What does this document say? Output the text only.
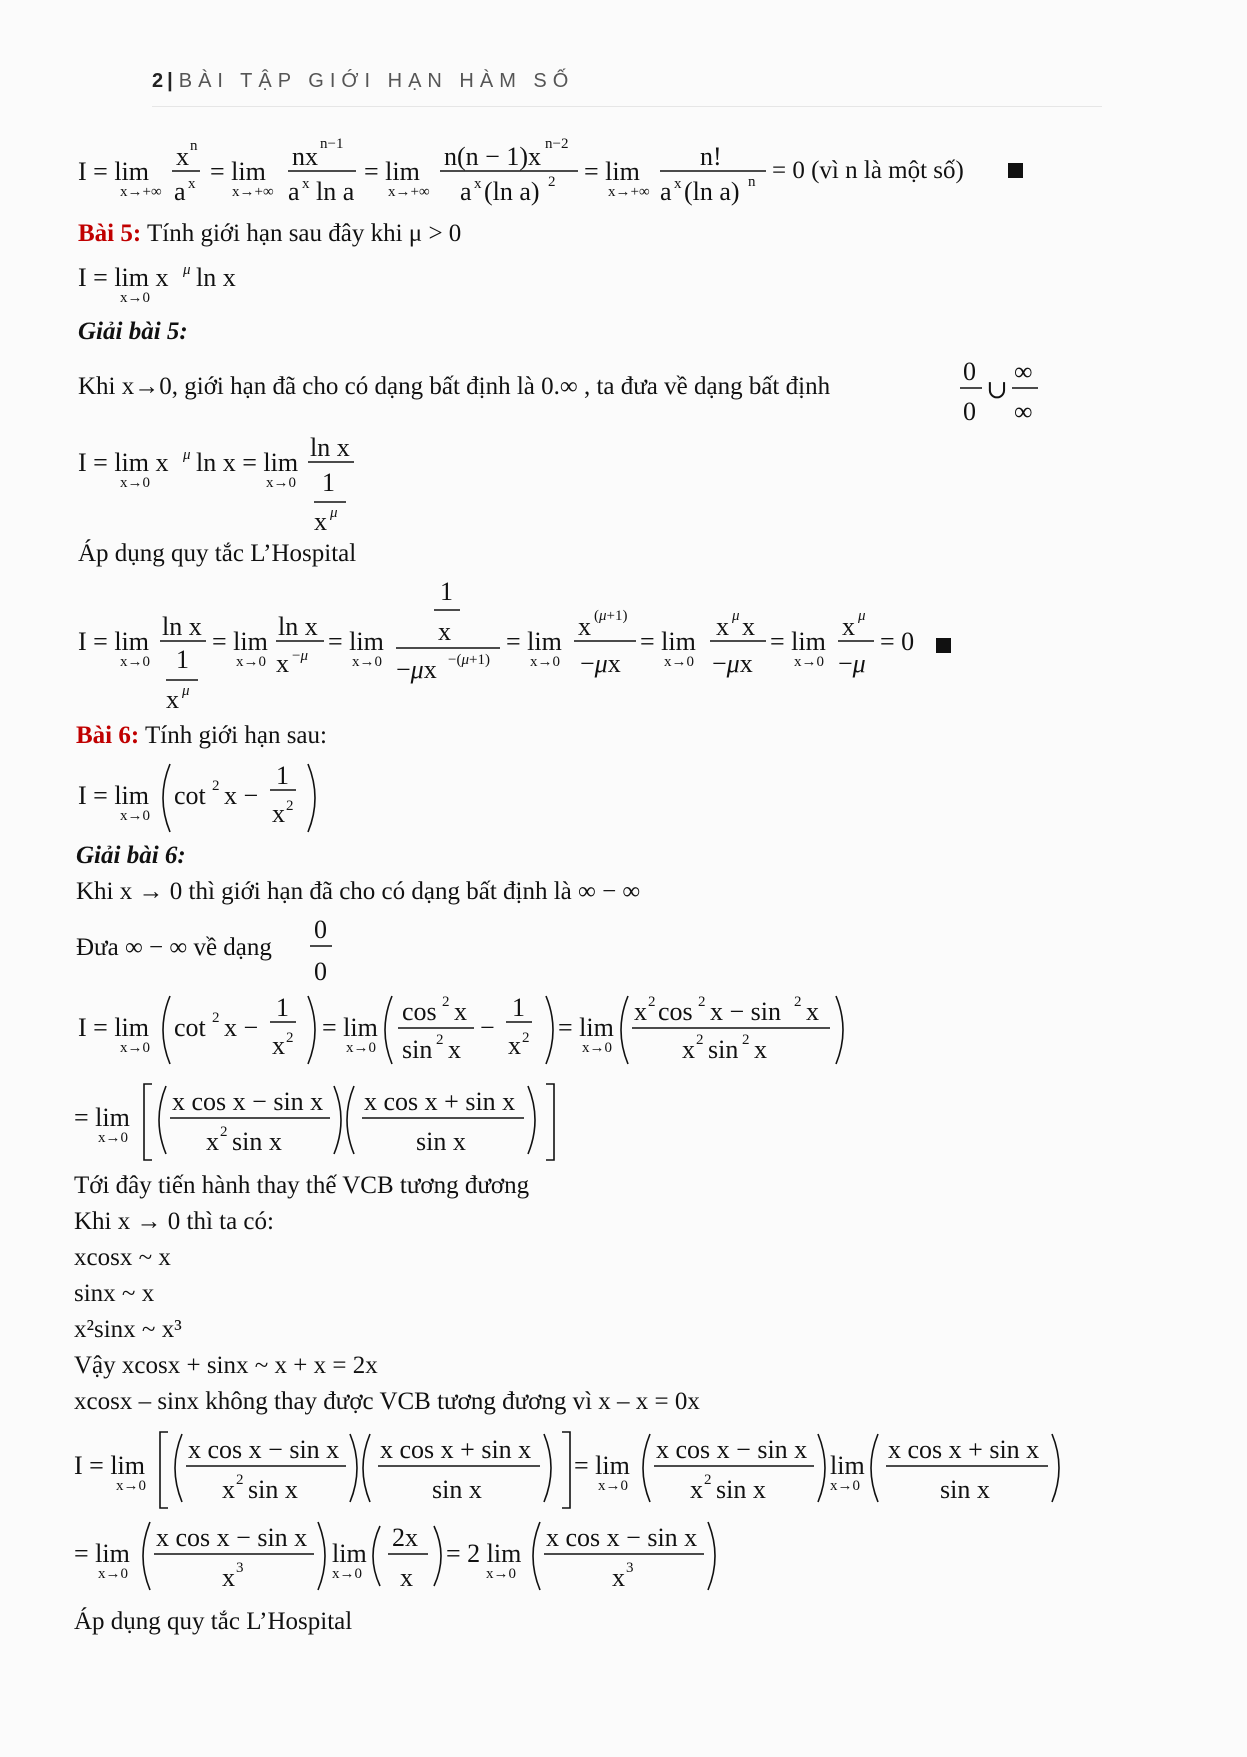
2 | BÀI TẬP GIỚI HẠN HÀM SỐ
I = lim
x→+∞
x n
a x = lim
x→+∞
nx n−1
a x ln a
= lim
x→+∞
n(n − 1)x n−2
a x (ln a) 2 = lim
x→+∞
n!
a x (ln a) n = 0 (vì n là một số)
Bài 5: Tính giới hạn sau đây khi μ > 0
I = lim x μ ln x
x→0
Giải bài 5:
Khi x→0, giới hạn đã cho có dạng bất định là 0.∞ , ta đưa về dạng bất định
0
0
∪
∞
∞
I = lim x μ ln x = lim
x→0	x→0
ln x
1
x μ
Áp dụng quy tắc L’Hospital
I = lim
x→0
ln x
1
x μ
= lim
x→0
ln x
x −μ = lim
x→0
1
x
−μx −(μ+1)
= lim
x→0
x (μ+1)
−μx
= lim
x→0
x μ x
−μx
= lim
x→0
x μ
−μ
= 0
Bài 6: Tính giới hạn sau:
I = lim
x→0
cot 2 x −
1
x 2
Giải bài 6:
Khi x → 0 thì giới hạn đã cho có dạng bất định là ∞ − ∞
Đưa ∞ − ∞ về dạng
0
0
I = lim
x→0
cot 2 x −
1
x 2 = lim
x→0
cos 2 x
sin 2 x
−
1
x 2 = lim
x→0
x 2 cos 2 x − sin 2 x
x 2 sin 2 x
= lim
x→0
x cos x − sin x
x 2 sin x
x cos x + sin x
sin x
Tới đây tiến hành thay thế VCB tương đương
Khi x → 0 thì ta có:
xcosx ~ x
sinx ~ x
x²sinx ~ x³
Vậy xcosx + sinx ~ x + x = 2x
xcosx – sinx không thay được VCB tương đương vì x – x = 0x
I = lim
x→0
x cos x − sin x
x 2 sin x
x cos x + sin x
sin x
= lim
x→0
x cos x − sin x
x 2 sin x
lim
x→0
x cos x + sin x
sin x
= lim
x→0
x cos x − sin x
x 3	lim
x→0
2x
x
= 2 lim
x→0
x cos x − sin x
x 3
Áp dụng quy tắc L’Hospital
